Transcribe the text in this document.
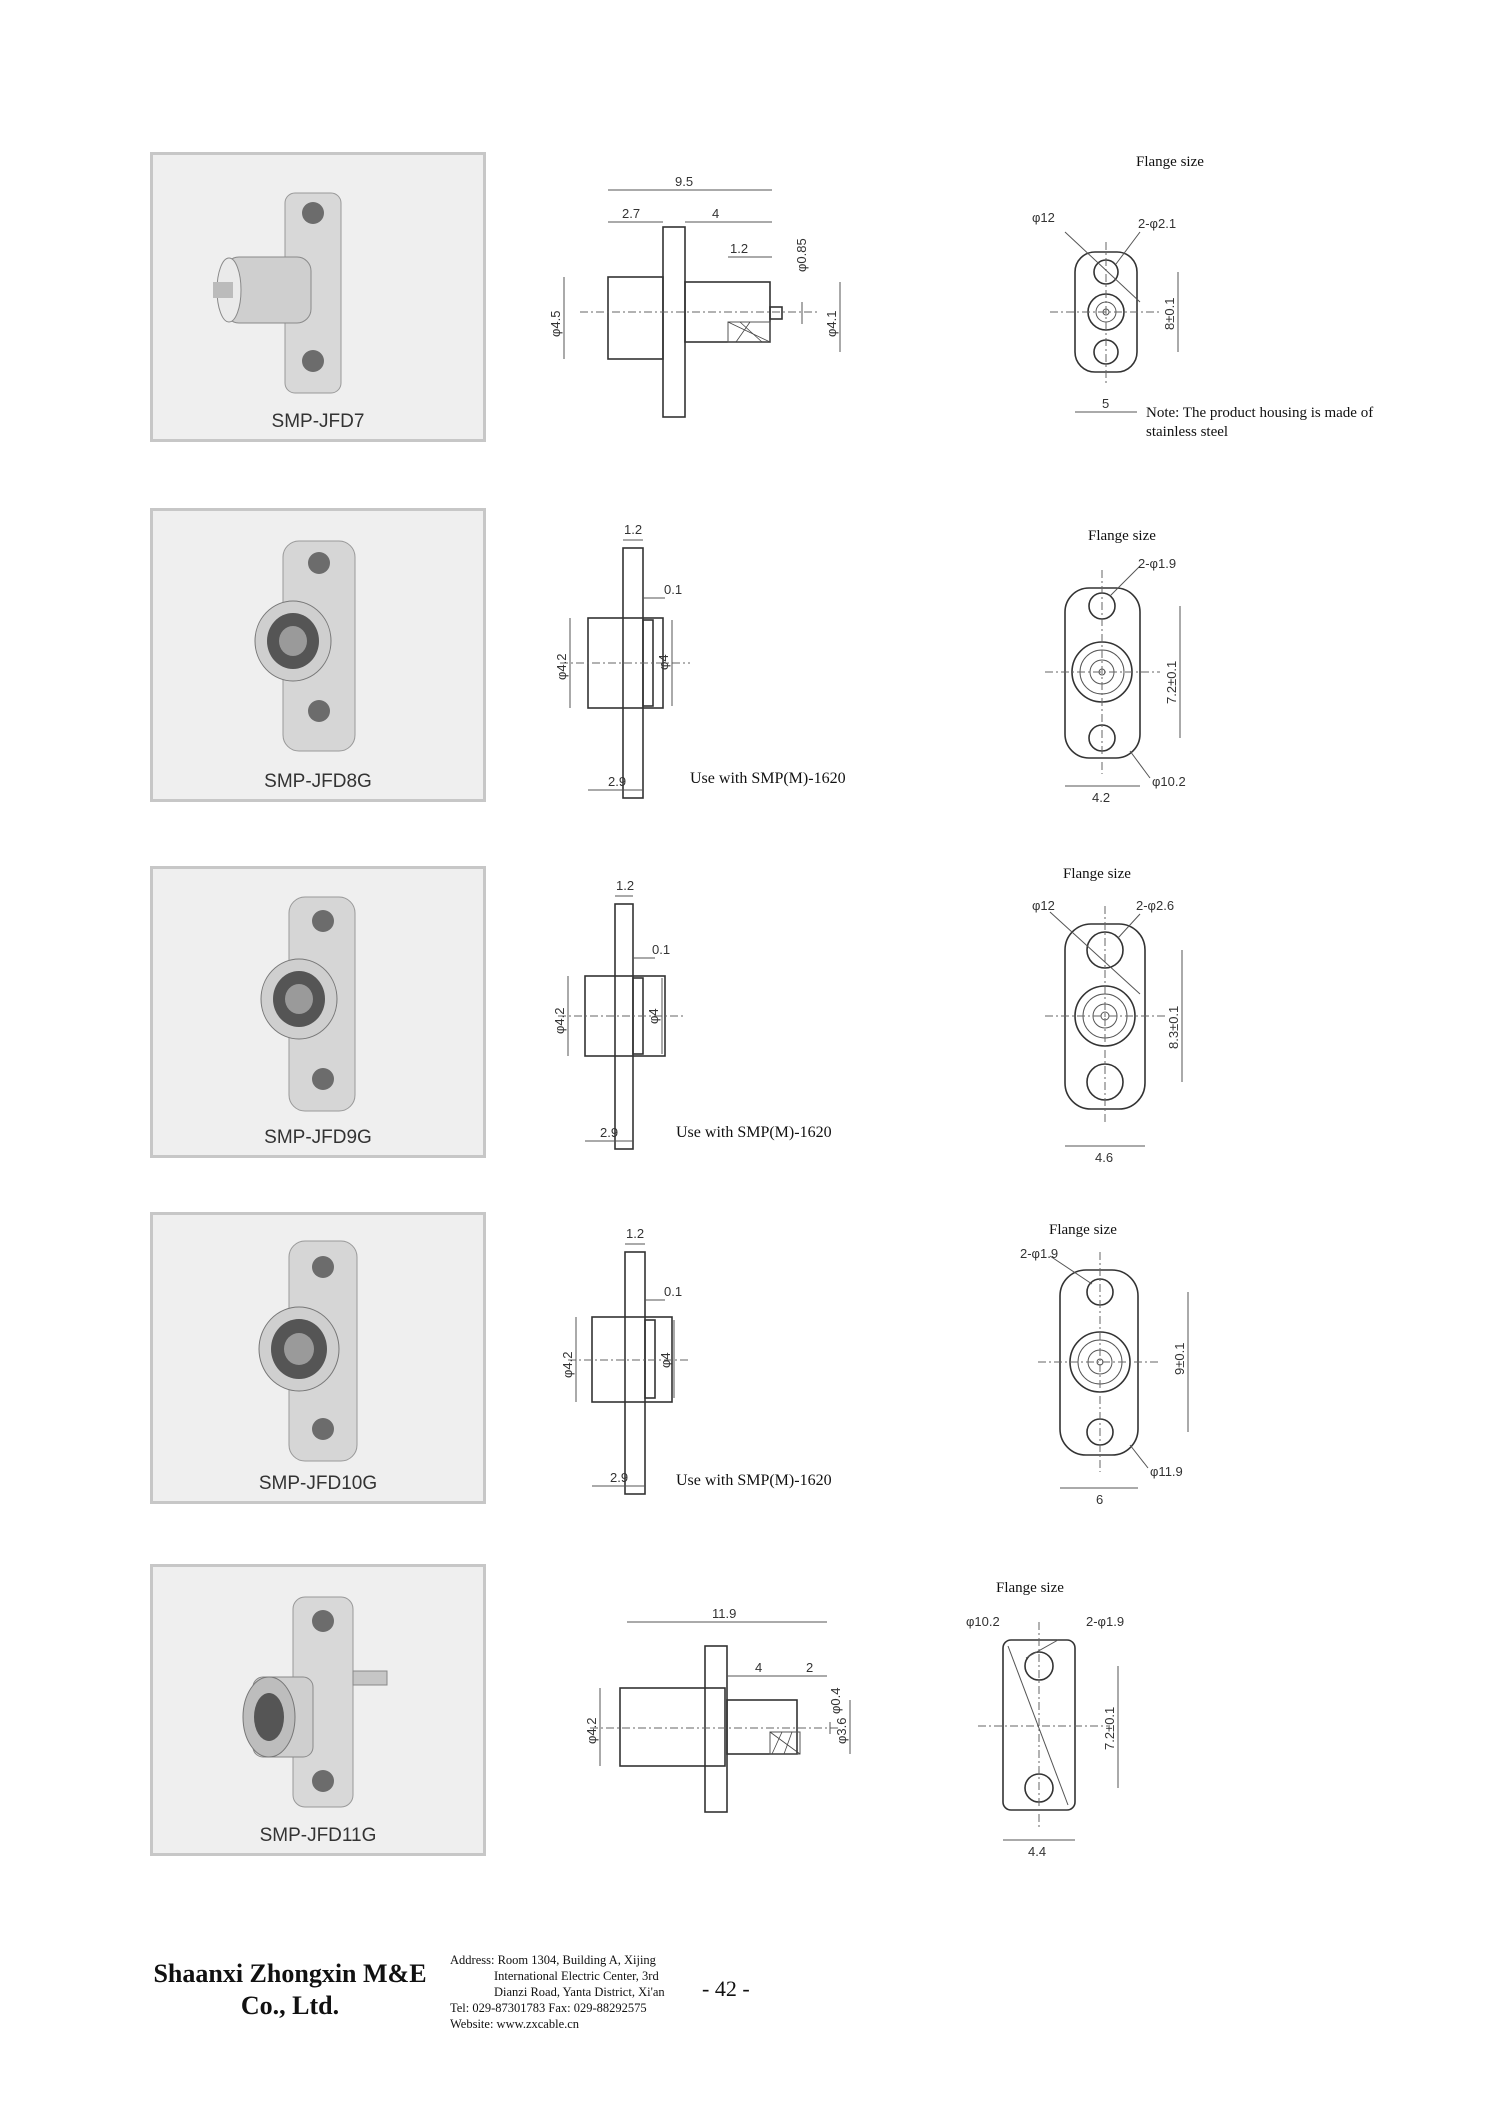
SMP-JFD7
9.5
2.7	4
1.2	φ0.85
φ4.5	φ4.1
Flange size
φ12	2-φ2.1
8±0.1
5
Note: The product housing is made of stainless steel
SMP-JFD8G
1.2
0.1
φ4.2	φ4
2.9	Use with SMP(M)-1620
Flange size
2-φ1.9
7.2±0.1
4.2
φ10.2
SMP-JFD9G
1.2
0.1
φ4.2	φ4
2.9	Use with SMP(M)-1620
Flange size
φ12	2-φ2.6
8.3±0.1
4.6
SMP-JFD10G
1.2
0.1
φ4.2	φ4
2.9	Use with SMP(M)-1620
Flange size
2-φ1.9
9±0.1
6
φ11.9
SMP-JFD11G
11.9
4	2
φ0.4
φ4.2	φ3.6
Flange size
φ10.2	2-φ1.9
7.2±0.1
4.4
Shaanxi Zhongxin M&E
Co., Ltd.
Address: Room 1304, Building A, Xijing
International Electric Center, 3rd
Dianzi Road, Yanta District, Xi'an
Tel: 029-87301783 Fax: 029-88292575
Website: www.zxcable.cn
- 42 -
